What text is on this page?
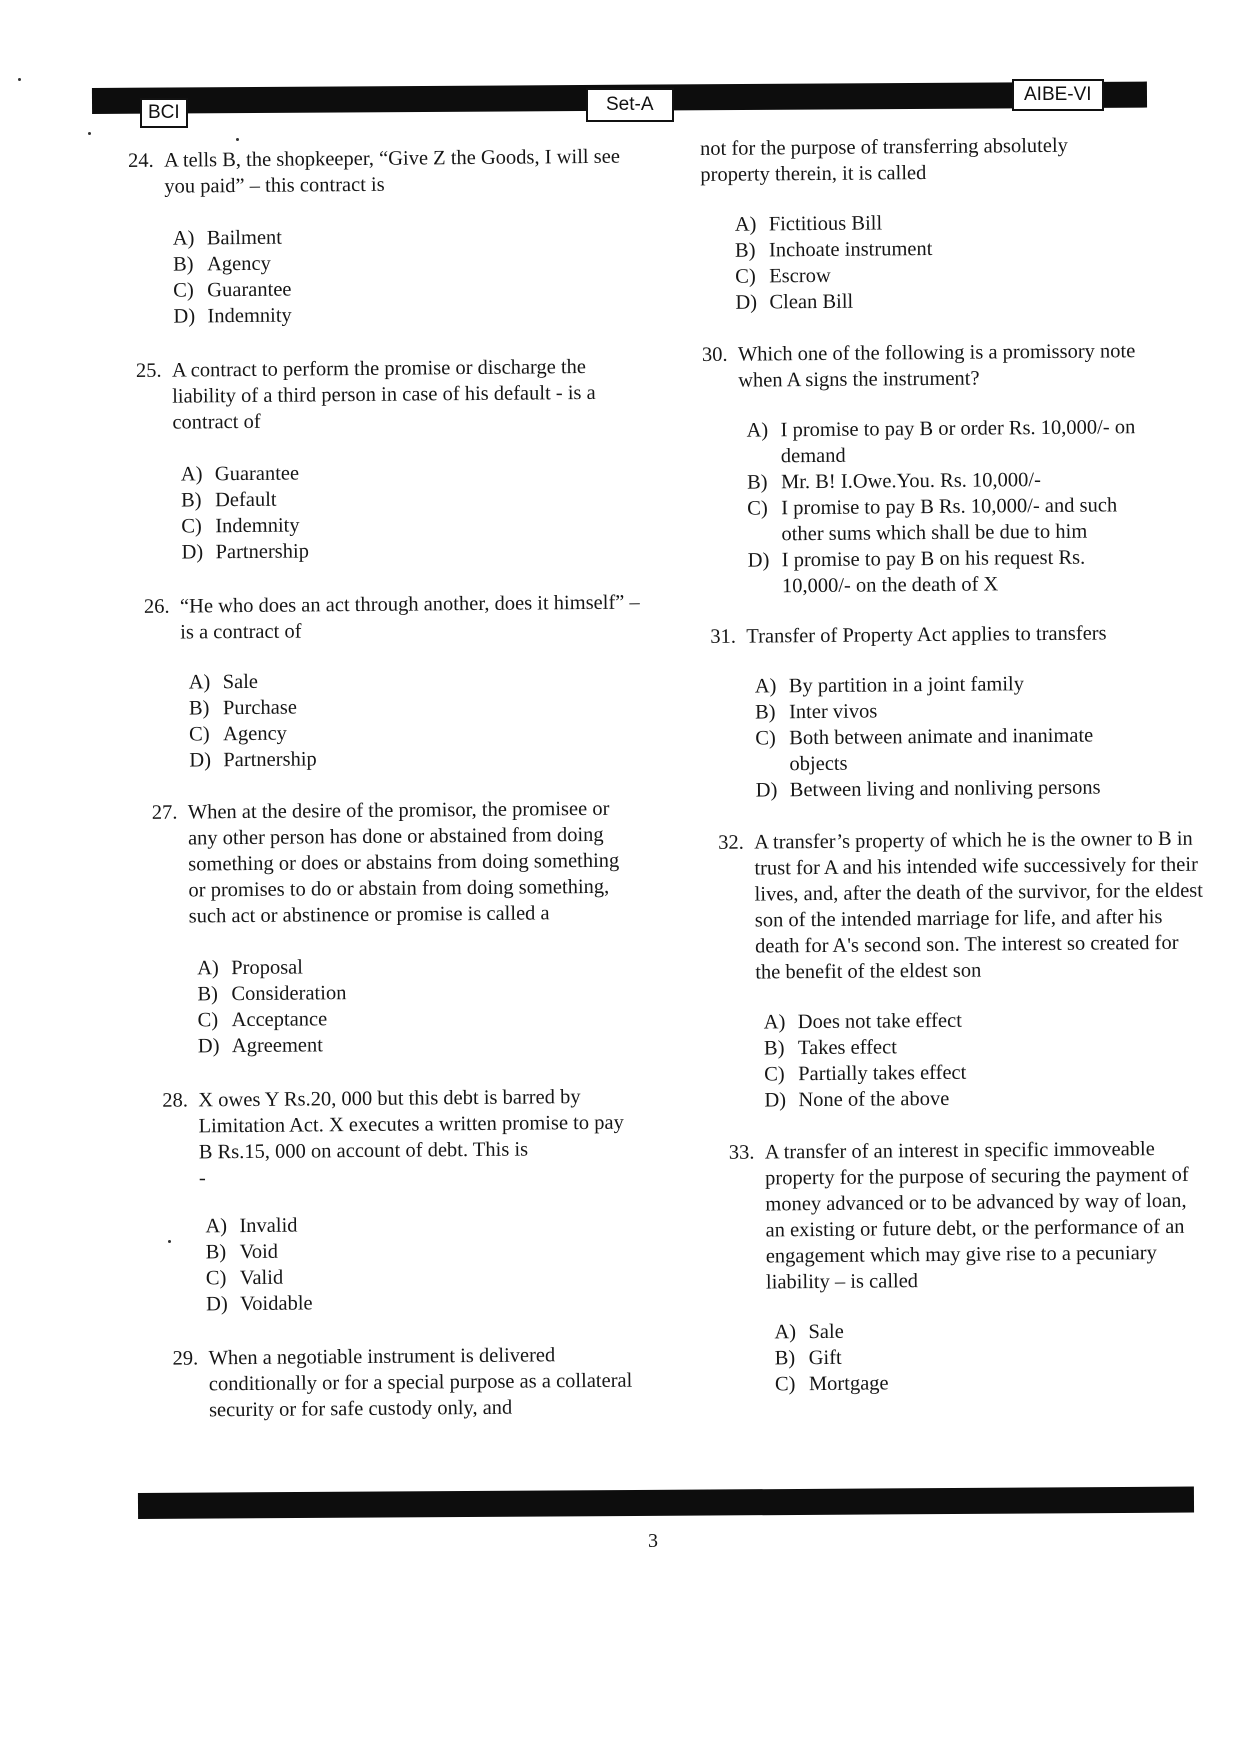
BCI	Set-A	AIBE-VI
24. A tells B, the shopkeeper, “Give Z the Goods, I will see you paid” – this contract is
A) Bailment
B) Agency
C) Guarantee
D) Indemnity
25. A contract to perform the promise or discharge the liability of a third person in case of his default - is a contract of
A) Guarantee
B) Default
C) Indemnity
D) Partnership
26. “He who does an act through another, does it himself” – is a contract of
A) Sale
B) Purchase
C) Agency
D) Partnership
27. When at the desire of the promisor, the promisee or any other person has done or abstained from doing something or does or abstains from doing something or promises to do or abstain from doing something, such act or abstinence or promise is called a
A) Proposal
B) Consideration
C) Acceptance
D) Agreement
28. X owes Y Rs.20, 000 but this debt is barred by Limitation Act. X executes a written promise to pay B Rs.15, 000 on account of debt. This is
-
A) Invalid
B) Void
C) Valid
D) Voidable
29. When a negotiable instrument is delivered conditionally or for a special purpose as a collateral security or for safe custody only, and
not for the purpose of transferring absolutely property therein, it is called
A) Fictitious Bill
B) Inchoate instrument
C) Escrow
D) Clean Bill
30. Which one of the following is a promissory note when A signs the instrument?
A) I promise to pay B or order Rs. 10,000/- on demand
B) Mr. B! I.Owe.You. Rs. 10,000/-
C) I promise to pay B Rs. 10,000/- and such other sums which shall be due to him
D) I promise to pay B on his request Rs. 10,000/- on the death of X
31. Transfer of Property Act applies to transfers
A) By partition in a joint family
B) Inter vivos
C) Both between animate and inanimate objects
D) Between living and nonliving persons
32. A transfer’s property of which he is the owner to B in trust for A and his intended wife successively for their lives, and, after the death of the survivor, for the eldest son of the intended marriage for life, and after his death for A's second son. The interest so created for the benefit of the eldest son
A) Does not take effect
B) Takes effect
C) Partially takes effect
D) None of the above
33. A transfer of an interest in specific immoveable property for the purpose of securing the payment of money advanced or to be advanced by way of loan, an existing or future debt, or the performance of an engagement which may give rise to a pecuniary liability – is called
A) Sale
B) Gift
C) Mortgage
3
